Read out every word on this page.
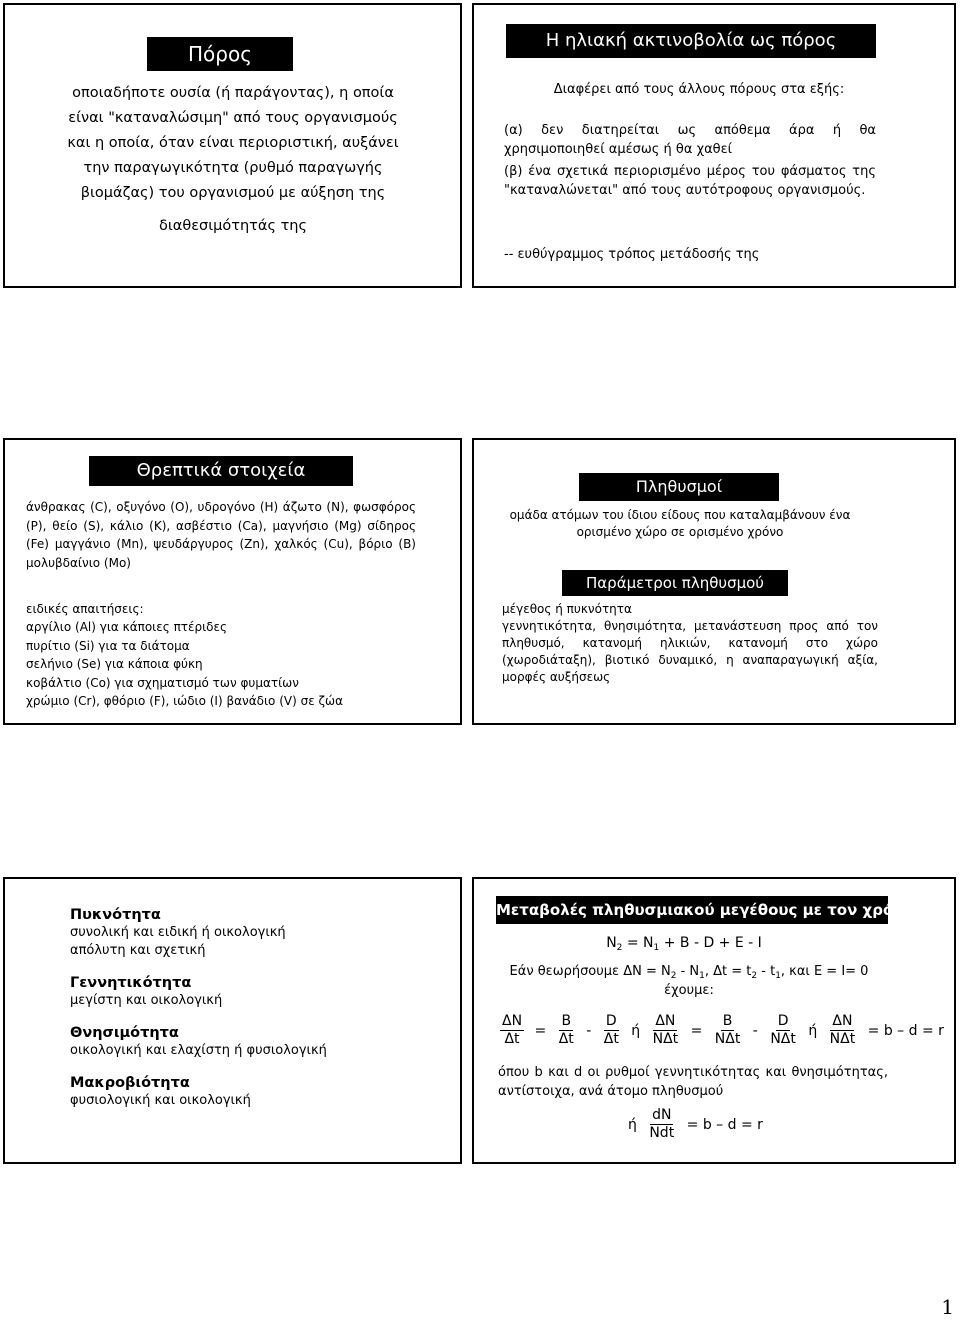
Πόρος
οποιαδήποτε ουσία (ή παράγοντας), η οποία
είναι "καταναλώσιμη" από τους οργανισμούς
και η οποία, όταν είναι περιοριστική, αυξάνει
την παραγωγικότητα (ρυθμό παραγωγής
βιομάζας) του οργανισμού με αύξηση της
διαθεσιμότητάς της
Η ηλιακή ακτινοβολία ως πόρος
Διαφέρει από τους άλλους πόρους στα εξής:
(α) δεν διατηρείται ως απόθεμα άρα ή θα χρησιμοποιηθεί αμέσως ή θα χαθεί
(β) ένα σχετικά περιορισμένο μέρος του φάσματος της "καταναλώνεται" από τους αυτότροφους οργανισμούς.
-- ευθύγραμμος τρόπος μετάδοσής της
Θρεπτικά στοιχεία
άνθρακας (C), οξυγόνο (O), υδρογόνο (H) άζωτο (N), φωσφόρος (P), θείο (S), κάλιο (K), ασβέστιο (Ca), μαγνήσιο (Mg) σίδηρος (Fe) μαγγάνιο (Mn), ψευδάργυρος (Zn), χαλκός (Cu), βόριο (B) μολυβδαίνιο (Mo)
ειδικές απαιτήσεις:
αργίλιο (Al) για κάποιες πτέριδες
πυρίτιο (Si) για τα διάτομα
σελήνιο (Se) για κάποια φύκη
κοβάλτιο (Co) για σχηματισμό των φυματίων
χρώμιο (Cr), φθόριο (F), ιώδιο (I) βανάδιο (V) σε ζώα
Πληθυσμοί
ομάδα ατόμων του ίδιου είδους που καταλαμβάνουν ένα ορισμένο χώρο σε ορισμένο χρόνο
Παράμετροι πληθυσμού
μέγεθος ή πυκνότητα
γεννητικότητα, θνησιμότητα, μετανάστευση προς από τον πληθυσμό, κατανομή ηλικιών, κατανομή στο χώρο (χωροδιάταξη), βιοτικό δυναμικό, η αναπαραγωγική αξία, μορφές αυξήσεως
Πυκνότητα
συνολική και ειδική ή οικολογική
απόλυτη και σχετική
Γεννητικότητα
μεγίστη και οικολογική
Θνησιμότητα
οικολογική και ελαχίστη ή φυσιολογική
Μακροβιότητα
φυσιολογική και οικολογική
Μεταβολές πληθυσμιακού μεγέθους με τον χρόνο
$N_2 = N_1 + B - D + E - I$
Εάν θεωρήσουμε $\Delta N = N_2 - N_1$, $\Delta t = t_2 - t_1$, και E = I= 0
έχουμε:
$\frac{\Delta N}{\Delta t} = \frac{B}{\Delta t} - \frac{D}{\Delta t}$ ή $\frac{\Delta N}{\text{NΔt}} = \frac{B}{\text{NΔt}} - \frac{D}{\text{NΔt}}$ ή $\frac{\Delta N}{\text{NΔt}} = b - d = r$
όπου b και d οι ρυθμοί γεννητικότητας και θνησιμότητας, αντίστοιχα, ανά άτομο πληθυσμού
ή $\frac{dN}{\text{Ndt}} = b - d = r$
1
